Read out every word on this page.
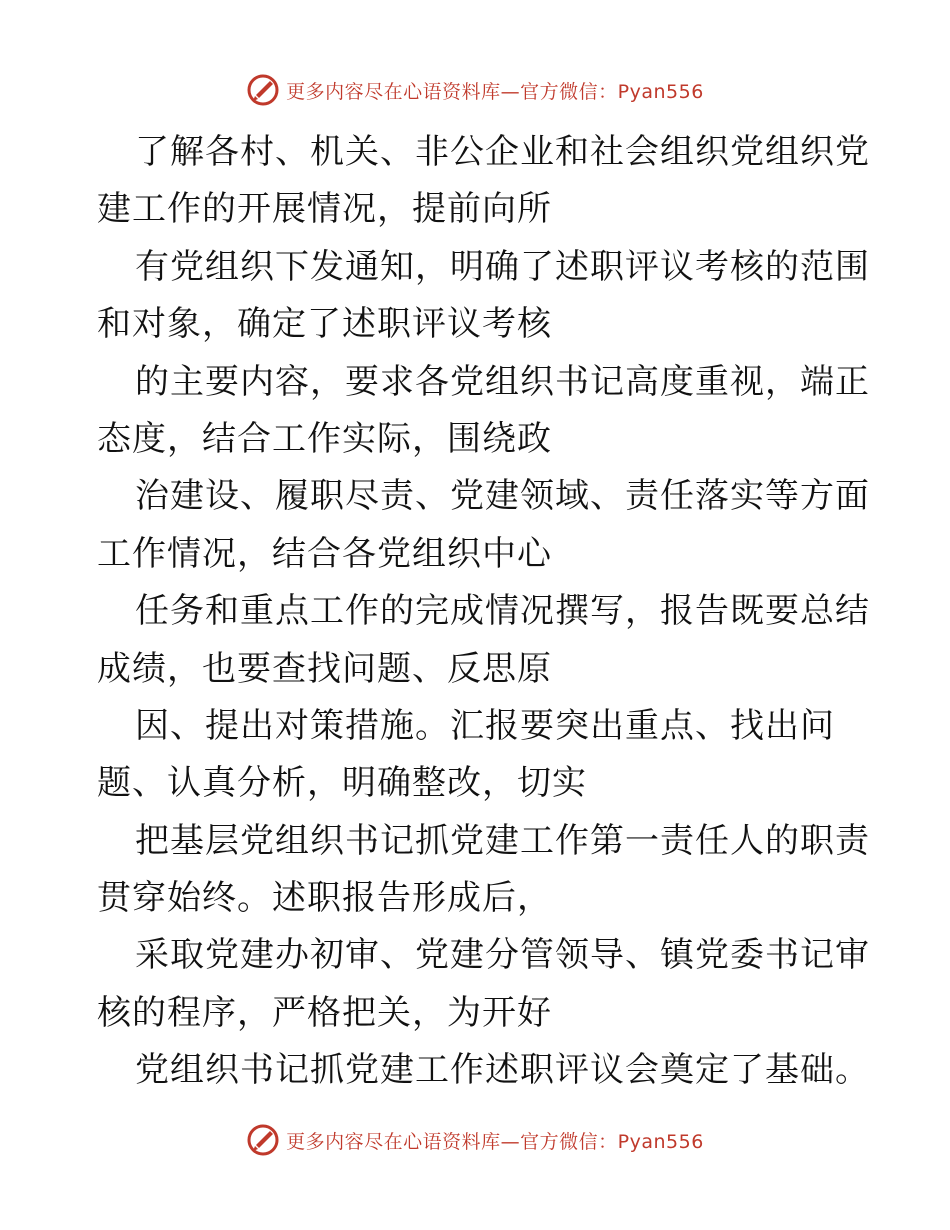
更多内容尽在心语资料库—官方微信：Pyan556
了解各村、机关、非公企业和社会组织党组织党
建工作的开展情况，提前向所
有党组织下发通知，明确了述职评议考核的范围
和对象，确定了述职评议考核
的主要内容，要求各党组织书记高度重视，端正
态度，结合工作实际，围绕政
治建设、履职尽责、党建领域、责任落实等方面
工作情况，结合各党组织中心
任务和重点工作的完成情况撰写，报告既要总结
成绩，也要查找问题、反思原
因、提出对策措施。汇报要突出重点、找出问
题、认真分析，明确整改，切实
把基层党组织书记抓党建工作第一责任人的职责
贯穿始终。述职报告形成后，
采取党建办初审、党建分管领导、镇党委书记审
核的程序，严格把关，为开好
党组织书记抓党建工作述职评议会奠定了基础。
更多内容尽在心语资料库—官方微信：Pyan556
